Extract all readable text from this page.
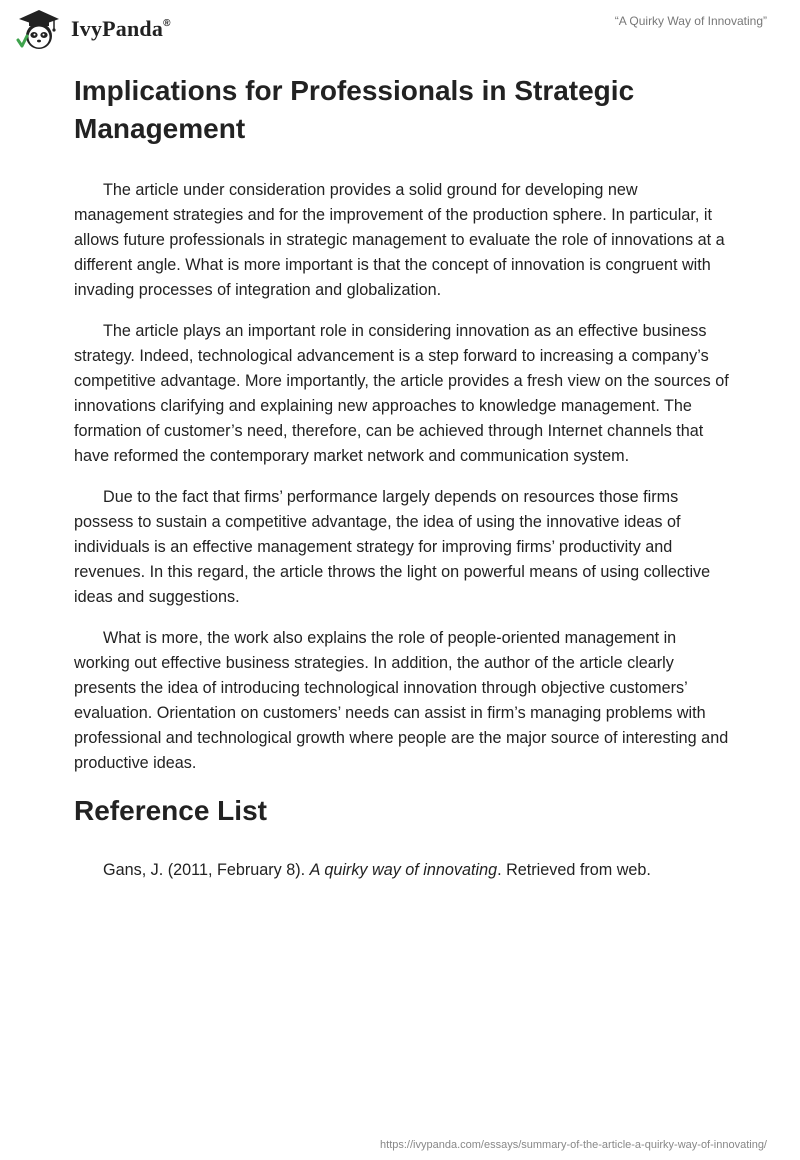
IvyPanda®	“A Quirky Way of Innovating”
Implications for Professionals in Strategic Management

The article under consideration provides a solid ground for developing new management strategies and for the improvement of the production sphere. In particular, it allows future professionals in strategic management to evaluate the role of innovations at a different angle. What is more important is that the concept of innovation is congruent with invading processes of integration and globalization.

The article plays an important role in considering innovation as an effective business strategy. Indeed, technological advancement is a step forward to increasing a company’s competitive advantage. More importantly, the article provides a fresh view on the sources of innovations clarifying and explaining new approaches to knowledge management. The formation of customer’s need, therefore, can be achieved through Internet channels that have reformed the contemporary market network and communication system.

Due to the fact that firms’ performance largely depends on resources those firms possess to sustain a competitive advantage, the idea of using the innovative ideas of individuals is an effective management strategy for improving firms’ productivity and revenues. In this regard, the article throws the light on powerful means of using collective ideas and suggestions.

What is more, the work also explains the role of people-oriented management in working out effective business strategies. In addition, the author of the article clearly presents the idea of introducing technological innovation through objective customers’ evaluation. Orientation on customers’ needs can assist in firm’s managing problems with professional and technological growth where people are the major source of interesting and productive ideas.

Reference List

Gans, J. (2011, February 8). A quirky way of innovating. Retrieved from web.

https://ivypanda.com/essays/summary-of-the-article-a-quirky-way-of-innovating/
